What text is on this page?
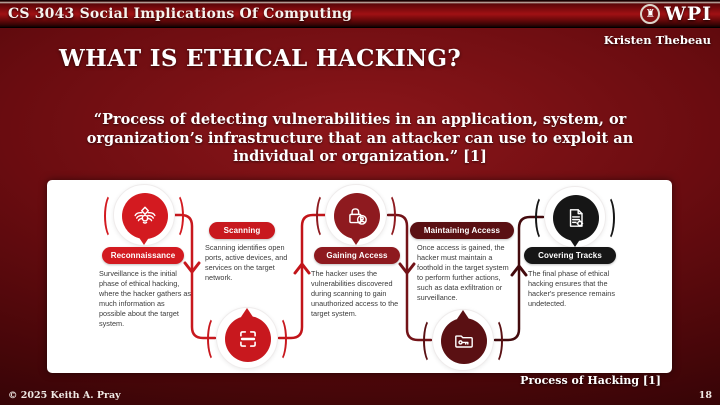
CS 3043 Social Implications Of Computing	♜ WPI
Kristen Thebeau
WHAT IS ETHICAL HACKING?
“Process of detecting vulnerabilities in an application, system, or organization’s infrastructure that an attacker can use to exploit an individual or organization.” [1]
Reconnaissance
Surveillance is the initial phase of ethical hacking, where the hacker gathers as much information as possible about the target system.
Scanning
Scanning identifies open ports, active devices, and services on the target network.
Gaining Access
The hacker uses the vulnerabilities discovered during scanning to gain unauthorized access to the target system.
Maintaining Access
Once access is gained, the hacker must maintain a foothold in the target system to perform further actions, such as data exfiltration or surveillance.
Covering Tracks
The final phase of ethical hacking ensures that the hacker's presence remains undetected.
Process of Hacking [1]
© 2025 Keith A. Pray	18
